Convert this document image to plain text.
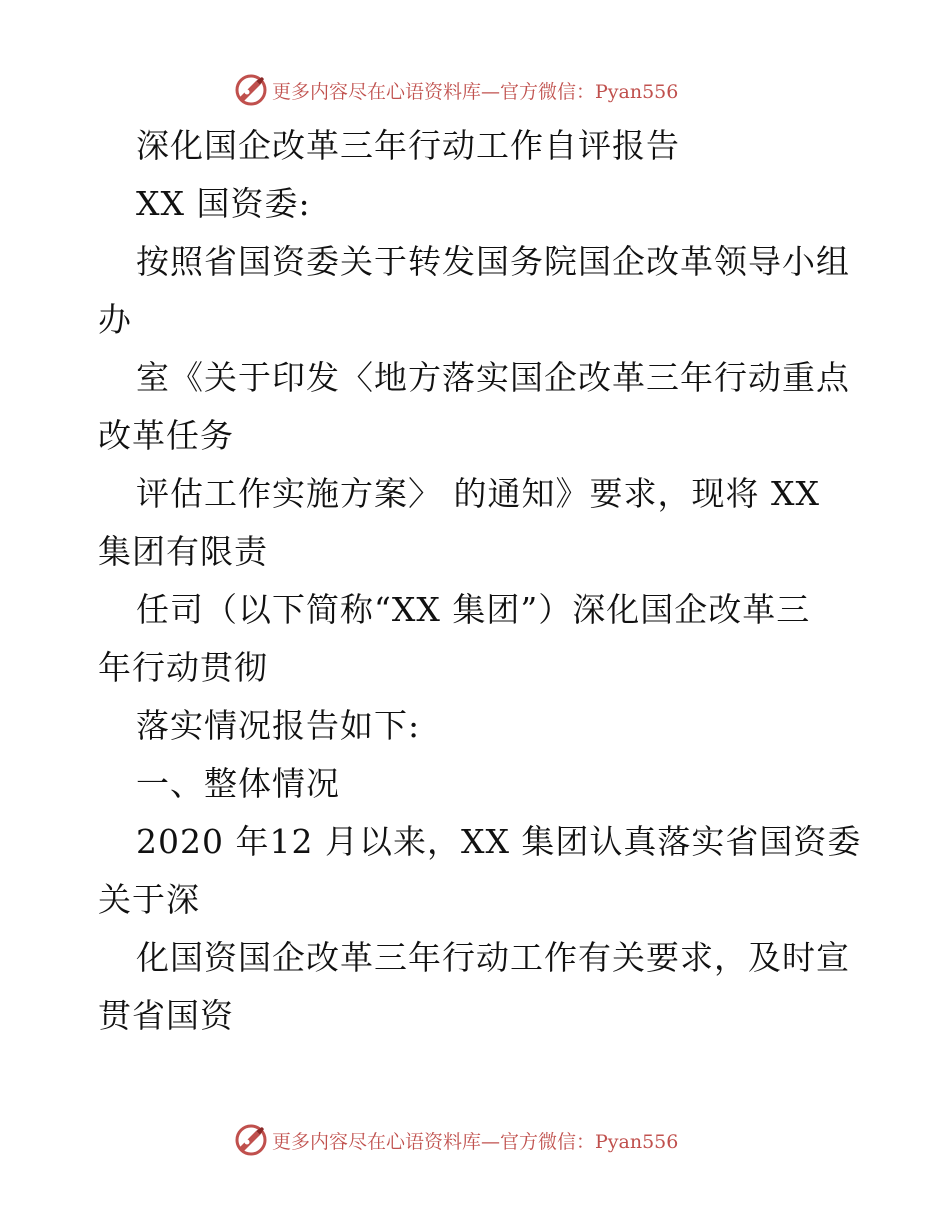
更多内容尽在心语资料库—官方微信：Pyan556
深化国企改革三年行动工作自评报告
XX 国资委:
按照省国资委关于转发国务院国企改革领导小组
办
室《关于印发〈地方落实国企改革三年行动重点
改革任务
评估工作实施方案〉 的通知》要求，现将 XX
集团有限责
任司（以下简称“XX 集团”）深化国企改革三
年行动贯彻
落实情况报告如下:
一、整体情况
2020 年12 月以来，XX 集团认真落实省国资委
关于深
化国资国企改革三年行动工作有关要求，及时宣
贯省国资
更多内容尽在心语资料库—官方微信：Pyan556
